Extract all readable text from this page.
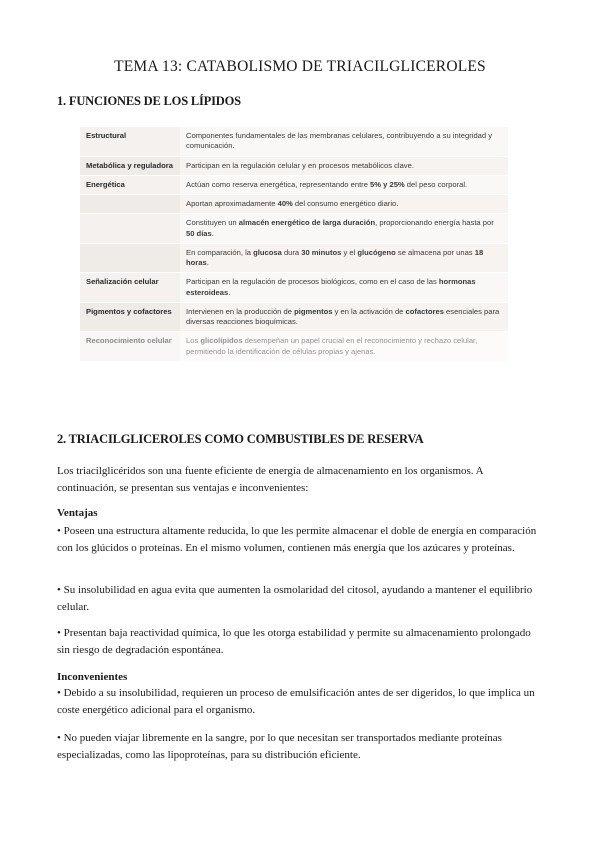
TEMA 13: CATABOLISMO DE TRIACILGLICEROLES
1. FUNCIONES DE LOS LÍPIDOS
Estructural	Componentes fundamentales de las membranas celulares, contribuyendo a su integridad y comunicación.
Metabólica y reguladora	Participan en la regulación celular y en procesos metabólicos clave.
Energética	Actúan como reserva energética, representando entre 5% y 25% del peso corporal.
	Aportan aproximadamente 40% del consumo energético diario.
	Constituyen un almacén energético de larga duración, proporcionando energía hasta por 50 días.
	En comparación, la glucosa dura 30 minutos y el glucógeno se almacena por unas 18 horas.
Señalización celular	Participan en la regulación de procesos biológicos, como en el caso de las hormonas esteroideas.
Pigmentos y cofactores	Intervienen en la producción de pigmentos y en la activación de cofactores esenciales para diversas reacciones bioquímicas.
Reconocimiento celular	Los glicolípidos desempeñan un papel crucial en el reconocimiento y rechazo celular, permitiendo la identificación de células propias y ajenas.
2. TRIACILGLICEROLES COMO COMBUSTIBLES DE RESERVA
Los triacilglicéridos son una fuente eficiente de energía de almacenamiento en los organismos. A continuación, se presentan sus ventajas e inconvenientes:
Ventajas
• Poseen una estructura altamente reducida, lo que les permite almacenar el doble de energía en comparación con los glúcidos o proteínas. En el mismo volumen, contienen más energía que los azúcares y proteínas.
• Su insolubilidad en agua evita que aumenten la osmolaridad del citosol, ayudando a mantener el equilibrio celular.
• Presentan baja reactividad química, lo que les otorga estabilidad y permite su almacenamiento prolongado sin riesgo de degradación espontánea.
Inconvenientes
• Debido a su insolubilidad, requieren un proceso de emulsificación antes de ser digeridos, lo que implica un coste energético adicional para el organismo.
• No pueden viajar libremente en la sangre, por lo que necesitan ser transportados mediante proteínas especializadas, como las lipoproteínas, para su distribución eficiente.
